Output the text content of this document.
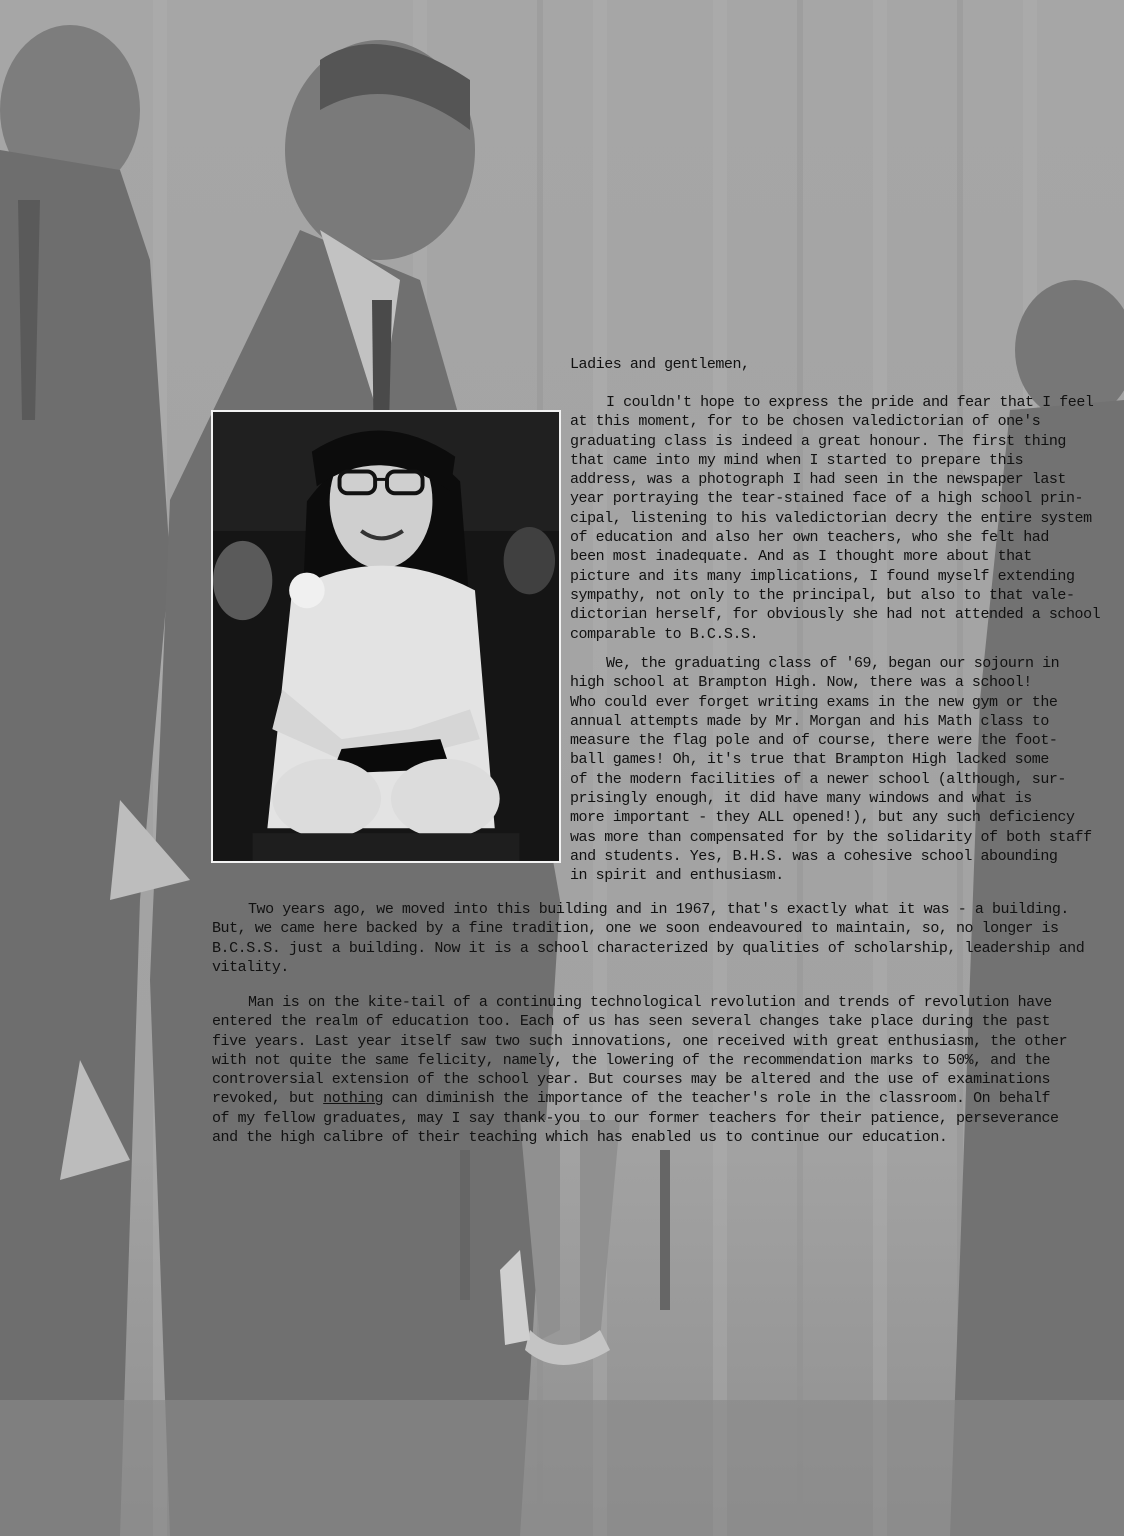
Ladies and gentlemen,

I couldn't hope to express the pride and fear that I feel

at this moment, for to be chosen valedictorian of one's

graduating class is indeed a great honour. The first thing

that came into my mind when I started to prepare this

address, was a photograph I had seen in the newspaper last

year portraying the tear-stained face of a high school prin-

cipal, listening to his valedictorian decry the entire system

of education and also her own teachers, who she felt had

been most inadequate. And as I thought more about that

picture and its many implications, I found myself extending

sympathy, not only to the principal, but also to that vale-

dictorian herself, for obviously she had not attended a school

comparable to B.C.S.S.

We, the graduating class of '69, began our sojourn in

high school at Brampton High. Now, there was a school!

Who could ever forget writing exams in the new gym or the

annual attempts made by Mr. Morgan and his Math class to

measure the flag pole and of course, there were the foot-

ball games! Oh, it's true that Brampton High lacked some

of the modern facilities of a newer school (although, sur-

prisingly enough, it did have many windows and what is

more important - they ALL opened!), but any such deficiency

was more than compensated for by the solidarity of both staff

and students. Yes, B.H.S. was a cohesive school abounding

in spirit and enthusiasm.

Two years ago, we moved into this building and in 1967, that's exactly what it was - a building.

But, we came here backed by a fine tradition, one we soon endeavoured to maintain, so, no longer is

B.C.S.S. just a building. Now it is a school characterized by qualities of scholarship, leadership and

vitality.

Man is on the kite-tail of a continuing technological revolution and trends of revolution have

entered the realm of education too. Each of us has seen several changes take place during the past

five years. Last year itself saw two such innovations, one received with great enthusiasm, the other

with not quite the same felicity, namely, the lowering of the recommendation marks to 50%, and the

controversial extension of the school year. But courses may be altered and the use of examinations

revoked, but nothing can diminish the importance of the teacher's role in the classroom. On behalf

of my fellow graduates, may I say thank-you to our former teachers for their patience, perseverance

and the high calibre of their teaching which has enabled us to continue our education.
